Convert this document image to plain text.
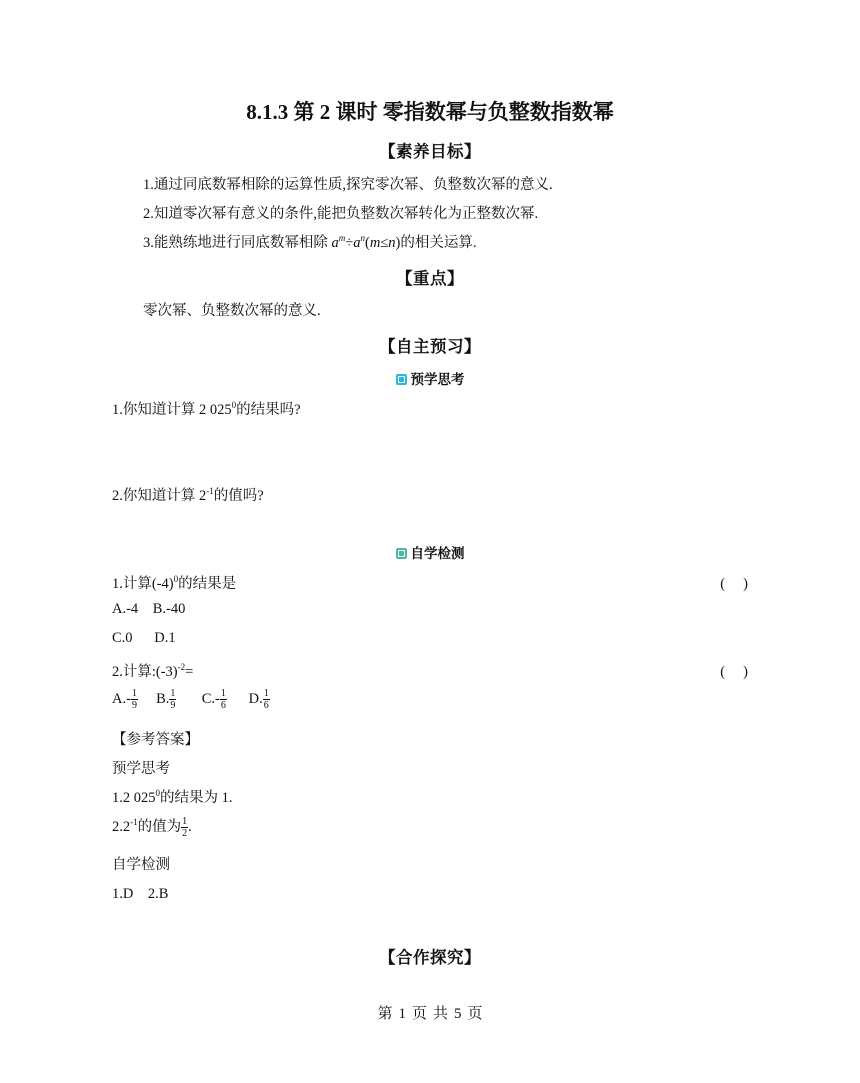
8.1.3 第 2 课时 零指数幂与负整数指数幂
【素养目标】
1.通过同底数幂相除的运算性质,探究零次幂、负整数次幂的意义.
2.知道零次幂有意义的条件,能把负整数次幂转化为正整数次幂.
3.能熟练地进行同底数幂相除 $a^m\div a^n(m\le n)$的相关运算.
【重点】
零次幂、负整数次幂的意义.
【自主预习】
预学思考
1.你知道计算 2 $025^0$的结果吗?
2.你知道计算 $2^{-1}$的值吗?
自学检测
1.计算$(-4)^0$的结果是	(　 )
A.-4 B.-40
C.0 D.1
2.计算$:(-3)^{-2}=$	(　 )
$A.- \frac{1}{9} B$. $\frac{1}{9} C.- \frac{1}{6} D$. $\frac{1}{6}$
【参考答案】
预学思考
1.2 $025^0$的结果为 1.
$2.2^{-1}$的值为 $\frac{1}{2}$ .
自学检测
1.D　2.B
【合作探究】
第 1 页 共 5 页
